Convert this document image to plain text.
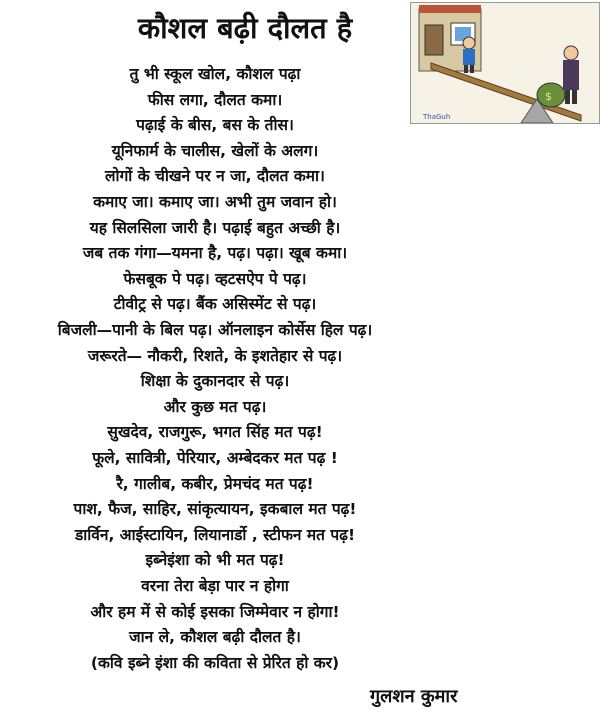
कौशल बढ़ी दौलत है
$
ThaGuh
तु भी स्कूल खोल, कौशल पढ़ा
फीस लगा, दौलत कमा।
पढ़ाई के बीस, बस के तीस।
यूनिफार्म के चालीस, खेलों के अलग।
लोगों के चीखने पर न जा, दौलत कमा।
कमाए जा। कमाए जा। अभी तुम जवान हो।
यह सिलसिला जारी है। पढ़ाई बहुत अच्छी है।
जब तक गंगा—यमना है, पढ़। पढ़ा। खूब कमा।
फेसबूक पे पढ़। व्हटसऐप पे पढ़।
टीवीट्र से पढ़। बैंक असिस्मेंट से पढ़।
बिजली—पानी के बिल पढ़। ऑनलाइन कोर्सेस हिल पढ़।
जरूरते— नौकरी, रिशते, के इशतेहार से पढ़।
शिक्षा के दुकानदार से पढ़।
और कुछ मत पढ़।
सुखदेव, राजगुरू, भगत सिंह मत पढ़!
फूले, सावित्री, पेरियार, अम्बेदकर मत पढ़ !
रै, गालीब, कबीर, प्रेमचंद मत पढ़!
पाश, फैज, साहिर, सांकृत्यायन, इकबाल मत पढ़!
डार्विन, आईस्टायिन, लियानार्डो , स्टीफन मत पढ़!
इब्नेइंशा को भी मत पढ़!
वरना तेरा बेड़ा पार न होगा
और हम में से कोई इसका जिम्मेवार न होगा!
जान ले, कौशल बढ़ी दौलत है।
(कवि इब्ने इंशा की कविता से प्रेरित हो कर)
गुलशन कुमार
